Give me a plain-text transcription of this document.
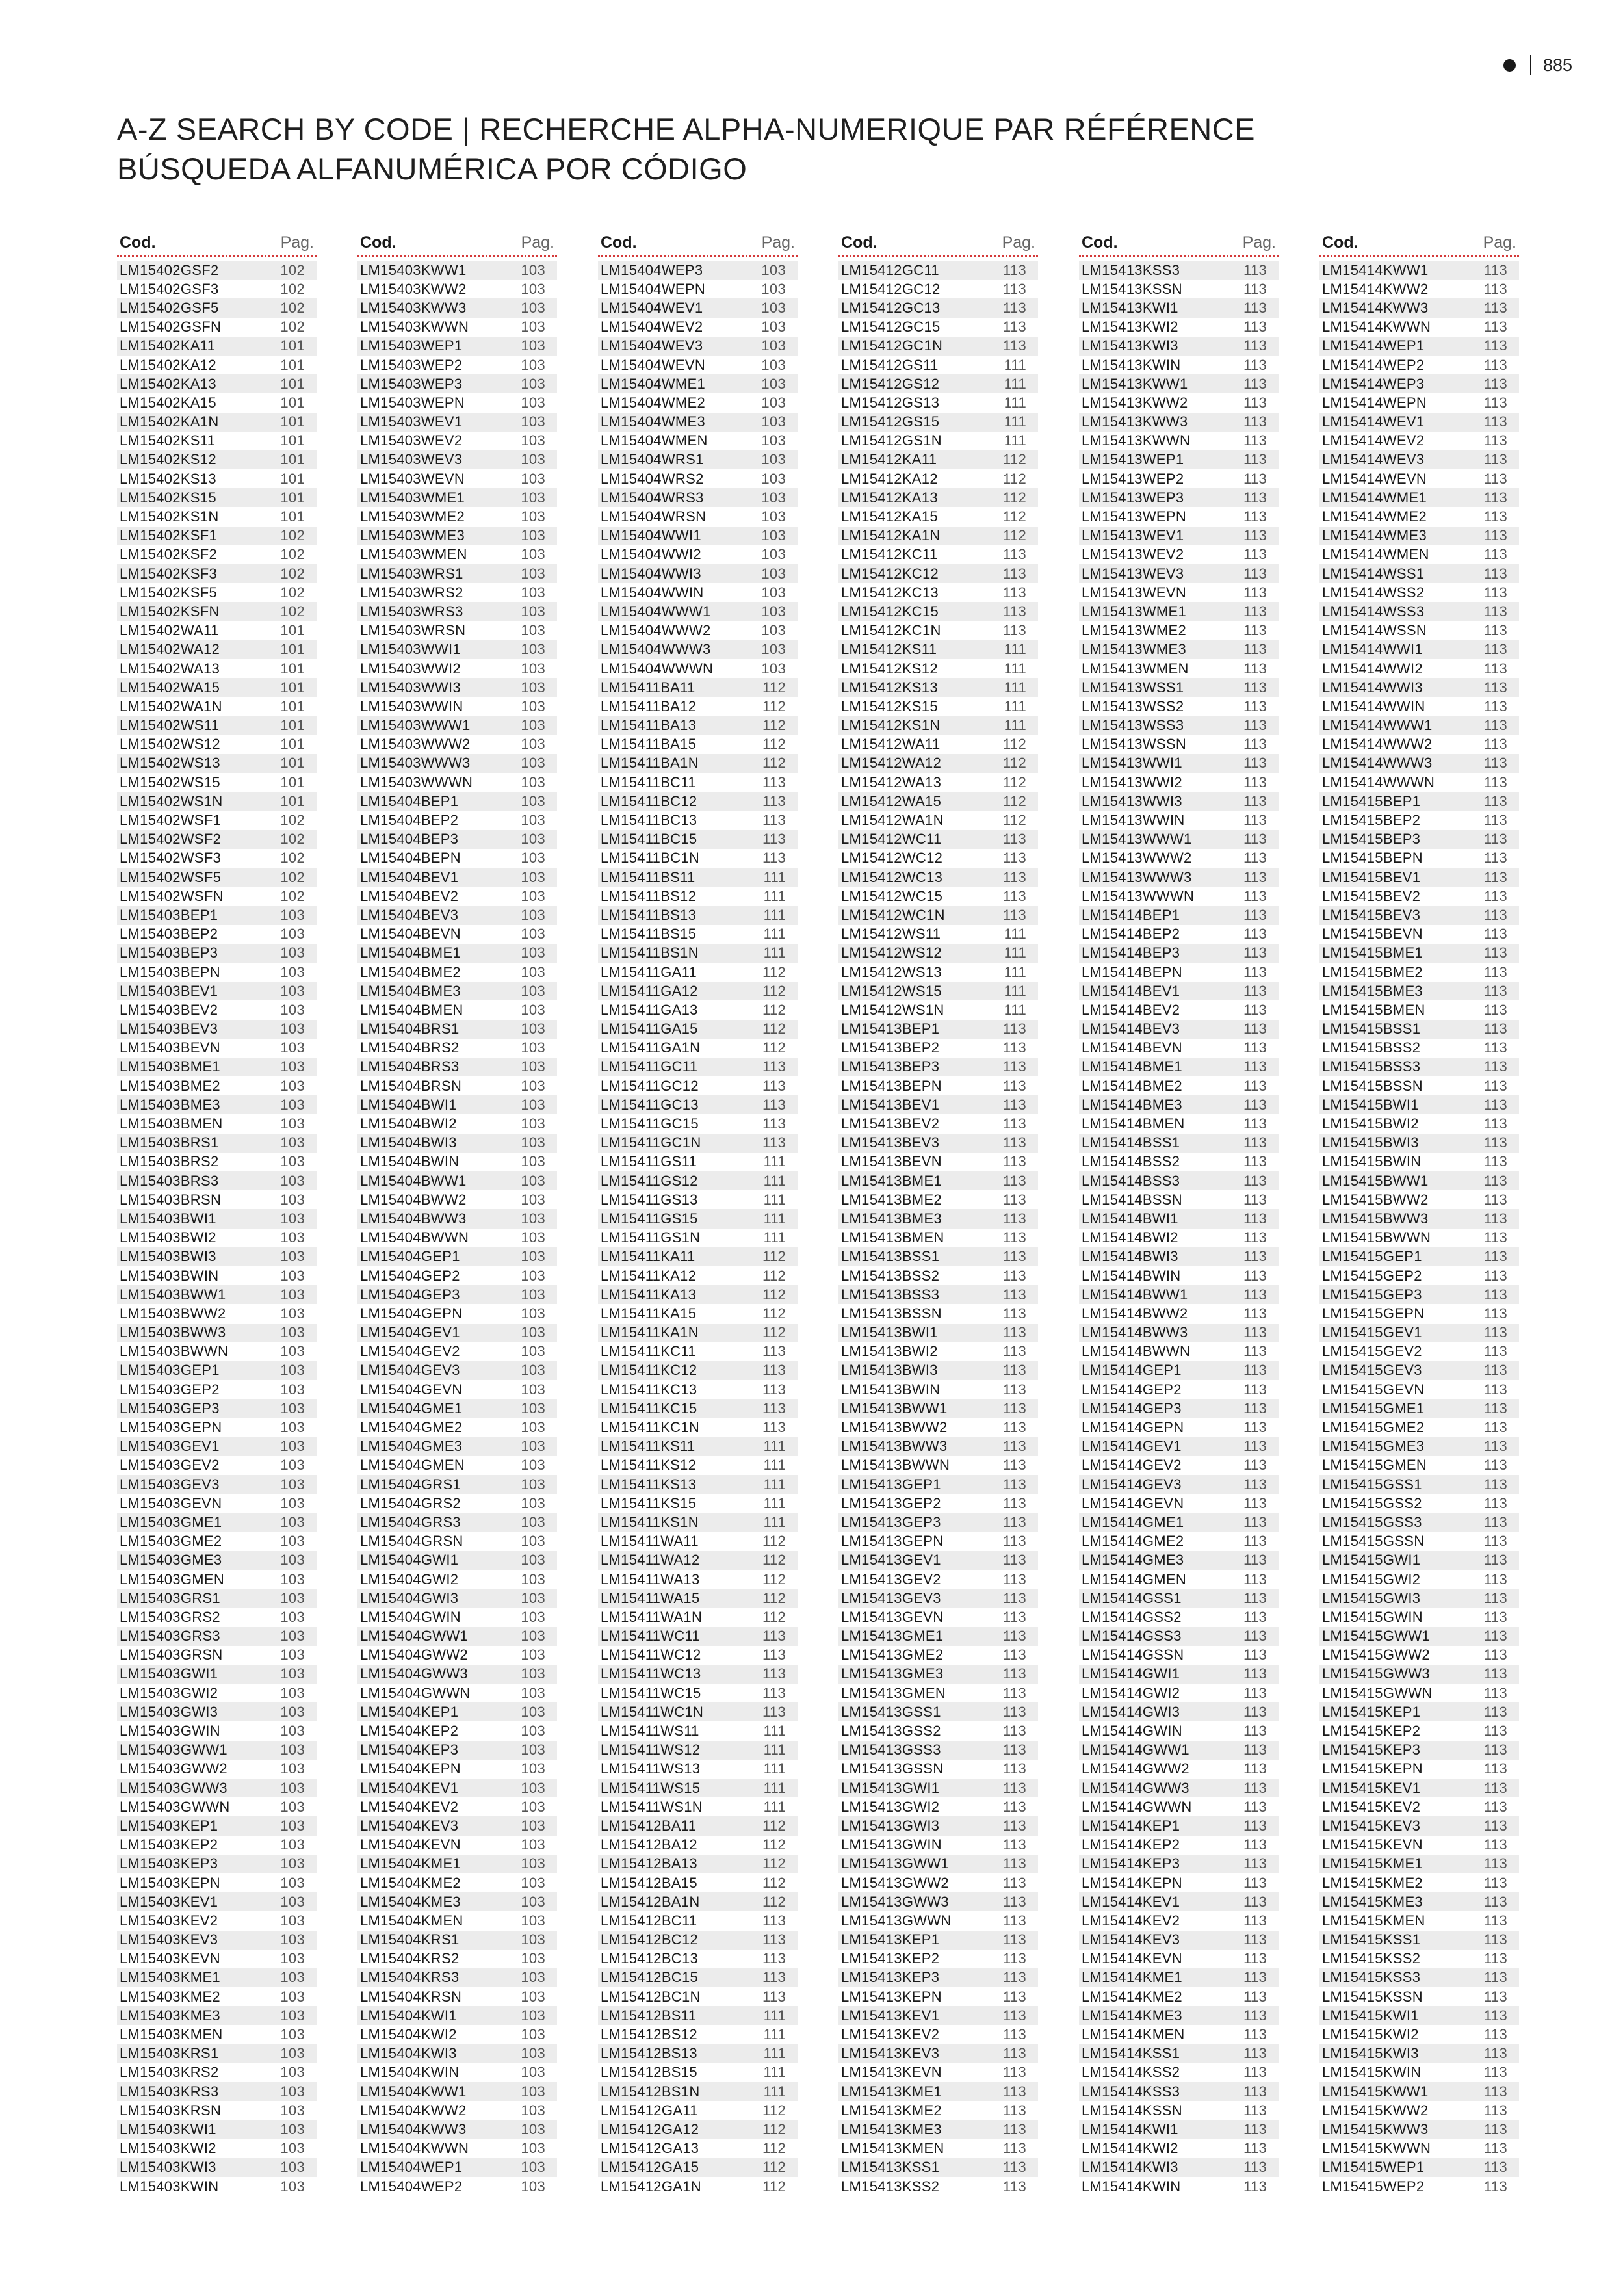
885
A-Z SEARCH BY CODE | RECHERCHE ALPHA-NUMERIQUE PAR RÉFÉRENCE
BÚSQUEDA ALFANUMÉRICA POR CÓDIGO
Cod.	Pag.
LM15402GSF2	102
LM15402GSF3	102
LM15402GSF5	102
LM15402GSFN	102
LM15402KA11	101
LM15402KA12	101
LM15402KA13	101
LM15402KA15	101
LM15402KA1N	101
LM15402KS11	101
LM15402KS12	101
LM15402KS13	101
LM15402KS15	101
LM15402KS1N	101
LM15402KSF1	102
LM15402KSF2	102
LM15402KSF3	102
LM15402KSF5	102
LM15402KSFN	102
LM15402WA11	101
LM15402WA12	101
LM15402WA13	101
LM15402WA15	101
LM15402WA1N	101
LM15402WS11	101
LM15402WS12	101
LM15402WS13	101
LM15402WS15	101
LM15402WS1N	101
LM15402WSF1	102
LM15402WSF2	102
LM15402WSF3	102
LM15402WSF5	102
LM15402WSFN	102
LM15403BEP1	103
LM15403BEP2	103
LM15403BEP3	103
LM15403BEPN	103
LM15403BEV1	103
LM15403BEV2	103
LM15403BEV3	103
LM15403BEVN	103
LM15403BME1	103
LM15403BME2	103
LM15403BME3	103
LM15403BMEN	103
LM15403BRS1	103
LM15403BRS2	103
LM15403BRS3	103
LM15403BRSN	103
LM15403BWI1	103
LM15403BWI2	103
LM15403BWI3	103
LM15403BWIN	103
LM15403BWW1	103
LM15403BWW2	103
LM15403BWW3	103
LM15403BWWN	103
LM15403GEP1	103
LM15403GEP2	103
LM15403GEP3	103
LM15403GEPN	103
LM15403GEV1	103
LM15403GEV2	103
LM15403GEV3	103
LM15403GEVN	103
LM15403GME1	103
LM15403GME2	103
LM15403GME3	103
LM15403GMEN	103
LM15403GRS1	103
LM15403GRS2	103
LM15403GRS3	103
LM15403GRSN	103
LM15403GWI1	103
LM15403GWI2	103
LM15403GWI3	103
LM15403GWIN	103
LM15403GWW1	103
LM15403GWW2	103
LM15403GWW3	103
LM15403GWWN	103
LM15403KEP1	103
LM15403KEP2	103
LM15403KEP3	103
LM15403KEPN	103
LM15403KEV1	103
LM15403KEV2	103
LM15403KEV3	103
LM15403KEVN	103
LM15403KME1	103
LM15403KME2	103
LM15403KME3	103
LM15403KMEN	103
LM15403KRS1	103
LM15403KRS2	103
LM15403KRS3	103
LM15403KRSN	103
LM15403KWI1	103
LM15403KWI2	103
LM15403KWI3	103
LM15403KWIN	103
Cod.	Pag.
LM15403KWW1	103
LM15403KWW2	103
LM15403KWW3	103
LM15403KWWN	103
LM15403WEP1	103
LM15403WEP2	103
LM15403WEP3	103
LM15403WEPN	103
LM15403WEV1	103
LM15403WEV2	103
LM15403WEV3	103
LM15403WEVN	103
LM15403WME1	103
LM15403WME2	103
LM15403WME3	103
LM15403WMEN	103
LM15403WRS1	103
LM15403WRS2	103
LM15403WRS3	103
LM15403WRSN	103
LM15403WWI1	103
LM15403WWI2	103
LM15403WWI3	103
LM15403WWIN	103
LM15403WWW1	103
LM15403WWW2	103
LM15403WWW3	103
LM15403WWWN	103
LM15404BEP1	103
LM15404BEP2	103
LM15404BEP3	103
LM15404BEPN	103
LM15404BEV1	103
LM15404BEV2	103
LM15404BEV3	103
LM15404BEVN	103
LM15404BME1	103
LM15404BME2	103
LM15404BME3	103
LM15404BMEN	103
LM15404BRS1	103
LM15404BRS2	103
LM15404BRS3	103
LM15404BRSN	103
LM15404BWI1	103
LM15404BWI2	103
LM15404BWI3	103
LM15404BWIN	103
LM15404BWW1	103
LM15404BWW2	103
LM15404BWW3	103
LM15404BWWN	103
LM15404GEP1	103
LM15404GEP2	103
LM15404GEP3	103
LM15404GEPN	103
LM15404GEV1	103
LM15404GEV2	103
LM15404GEV3	103
LM15404GEVN	103
LM15404GME1	103
LM15404GME2	103
LM15404GME3	103
LM15404GMEN	103
LM15404GRS1	103
LM15404GRS2	103
LM15404GRS3	103
LM15404GRSN	103
LM15404GWI1	103
LM15404GWI2	103
LM15404GWI3	103
LM15404GWIN	103
LM15404GWW1	103
LM15404GWW2	103
LM15404GWW3	103
LM15404GWWN	103
LM15404KEP1	103
LM15404KEP2	103
LM15404KEP3	103
LM15404KEPN	103
LM15404KEV1	103
LM15404KEV2	103
LM15404KEV3	103
LM15404KEVN	103
LM15404KME1	103
LM15404KME2	103
LM15404KME3	103
LM15404KMEN	103
LM15404KRS1	103
LM15404KRS2	103
LM15404KRS3	103
LM15404KRSN	103
LM15404KWI1	103
LM15404KWI2	103
LM15404KWI3	103
LM15404KWIN	103
LM15404KWW1	103
LM15404KWW2	103
LM15404KWW3	103
LM15404KWWN	103
LM15404WEP1	103
LM15404WEP2	103
Cod.	Pag.
LM15404WEP3	103
LM15404WEPN	103
LM15404WEV1	103
LM15404WEV2	103
LM15404WEV3	103
LM15404WEVN	103
LM15404WME1	103
LM15404WME2	103
LM15404WME3	103
LM15404WMEN	103
LM15404WRS1	103
LM15404WRS2	103
LM15404WRS3	103
LM15404WRSN	103
LM15404WWI1	103
LM15404WWI2	103
LM15404WWI3	103
LM15404WWIN	103
LM15404WWW1	103
LM15404WWW2	103
LM15404WWW3	103
LM15404WWWN	103
LM15411BA11	112
LM15411BA12	112
LM15411BA13	112
LM15411BA15	112
LM15411BA1N	112
LM15411BC11	113
LM15411BC12	113
LM15411BC13	113
LM15411BC15	113
LM15411BC1N	113
LM15411BS11	111
LM15411BS12	111
LM15411BS13	111
LM15411BS15	111
LM15411BS1N	111
LM15411GA11	112
LM15411GA12	112
LM15411GA13	112
LM15411GA15	112
LM15411GA1N	112
LM15411GC11	113
LM15411GC12	113
LM15411GC13	113
LM15411GC15	113
LM15411GC1N	113
LM15411GS11	111
LM15411GS12	111
LM15411GS13	111
LM15411GS15	111
LM15411GS1N	111
LM15411KA11	112
LM15411KA12	112
LM15411KA13	112
LM15411KA15	112
LM15411KA1N	112
LM15411KC11	113
LM15411KC12	113
LM15411KC13	113
LM15411KC15	113
LM15411KC1N	113
LM15411KS11	111
LM15411KS12	111
LM15411KS13	111
LM15411KS15	111
LM15411KS1N	111
LM15411WA11	112
LM15411WA12	112
LM15411WA13	112
LM15411WA15	112
LM15411WA1N	112
LM15411WC11	113
LM15411WC12	113
LM15411WC13	113
LM15411WC15	113
LM15411WC1N	113
LM15411WS11	111
LM15411WS12	111
LM15411WS13	111
LM15411WS15	111
LM15411WS1N	111
LM15412BA11	112
LM15412BA12	112
LM15412BA13	112
LM15412BA15	112
LM15412BA1N	112
LM15412BC11	113
LM15412BC12	113
LM15412BC13	113
LM15412BC15	113
LM15412BC1N	113
LM15412BS11	111
LM15412BS12	111
LM15412BS13	111
LM15412BS15	111
LM15412BS1N	111
LM15412GA11	112
LM15412GA12	112
LM15412GA13	112
LM15412GA15	112
LM15412GA1N	112
Cod.	Pag.
LM15412GC11	113
LM15412GC12	113
LM15412GC13	113
LM15412GC15	113
LM15412GC1N	113
LM15412GS11	111
LM15412GS12	111
LM15412GS13	111
LM15412GS15	111
LM15412GS1N	111
LM15412KA11	112
LM15412KA12	112
LM15412KA13	112
LM15412KA15	112
LM15412KA1N	112
LM15412KC11	113
LM15412KC12	113
LM15412KC13	113
LM15412KC15	113
LM15412KC1N	113
LM15412KS11	111
LM15412KS12	111
LM15412KS13	111
LM15412KS15	111
LM15412KS1N	111
LM15412WA11	112
LM15412WA12	112
LM15412WA13	112
LM15412WA15	112
LM15412WA1N	112
LM15412WC11	113
LM15412WC12	113
LM15412WC13	113
LM15412WC15	113
LM15412WC1N	113
LM15412WS11	111
LM15412WS12	111
LM15412WS13	111
LM15412WS15	111
LM15412WS1N	111
LM15413BEP1	113
LM15413BEP2	113
LM15413BEP3	113
LM15413BEPN	113
LM15413BEV1	113
LM15413BEV2	113
LM15413BEV3	113
LM15413BEVN	113
LM15413BME1	113
LM15413BME2	113
LM15413BME3	113
LM15413BMEN	113
LM15413BSS1	113
LM15413BSS2	113
LM15413BSS3	113
LM15413BSSN	113
LM15413BWI1	113
LM15413BWI2	113
LM15413BWI3	113
LM15413BWIN	113
LM15413BWW1	113
LM15413BWW2	113
LM15413BWW3	113
LM15413BWWN	113
LM15413GEP1	113
LM15413GEP2	113
LM15413GEP3	113
LM15413GEPN	113
LM15413GEV1	113
LM15413GEV2	113
LM15413GEV3	113
LM15413GEVN	113
LM15413GME1	113
LM15413GME2	113
LM15413GME3	113
LM15413GMEN	113
LM15413GSS1	113
LM15413GSS2	113
LM15413GSS3	113
LM15413GSSN	113
LM15413GWI1	113
LM15413GWI2	113
LM15413GWI3	113
LM15413GWIN	113
LM15413GWW1	113
LM15413GWW2	113
LM15413GWW3	113
LM15413GWWN	113
LM15413KEP1	113
LM15413KEP2	113
LM15413KEP3	113
LM15413KEPN	113
LM15413KEV1	113
LM15413KEV2	113
LM15413KEV3	113
LM15413KEVN	113
LM15413KME1	113
LM15413KME2	113
LM15413KME3	113
LM15413KMEN	113
LM15413KSS1	113
LM15413KSS2	113
Cod.	Pag.
LM15413KSS3	113
LM15413KSSN	113
LM15413KWI1	113
LM15413KWI2	113
LM15413KWI3	113
LM15413KWIN	113
LM15413KWW1	113
LM15413KWW2	113
LM15413KWW3	113
LM15413KWWN	113
LM15413WEP1	113
LM15413WEP2	113
LM15413WEP3	113
LM15413WEPN	113
LM15413WEV1	113
LM15413WEV2	113
LM15413WEV3	113
LM15413WEVN	113
LM15413WME1	113
LM15413WME2	113
LM15413WME3	113
LM15413WMEN	113
LM15413WSS1	113
LM15413WSS2	113
LM15413WSS3	113
LM15413WSSN	113
LM15413WWI1	113
LM15413WWI2	113
LM15413WWI3	113
LM15413WWIN	113
LM15413WWW1	113
LM15413WWW2	113
LM15413WWW3	113
LM15413WWWN	113
LM15414BEP1	113
LM15414BEP2	113
LM15414BEP3	113
LM15414BEPN	113
LM15414BEV1	113
LM15414BEV2	113
LM15414BEV3	113
LM15414BEVN	113
LM15414BME1	113
LM15414BME2	113
LM15414BME3	113
LM15414BMEN	113
LM15414BSS1	113
LM15414BSS2	113
LM15414BSS3	113
LM15414BSSN	113
LM15414BWI1	113
LM15414BWI2	113
LM15414BWI3	113
LM15414BWIN	113
LM15414BWW1	113
LM15414BWW2	113
LM15414BWW3	113
LM15414BWWN	113
LM15414GEP1	113
LM15414GEP2	113
LM15414GEP3	113
LM15414GEPN	113
LM15414GEV1	113
LM15414GEV2	113
LM15414GEV3	113
LM15414GEVN	113
LM15414GME1	113
LM15414GME2	113
LM15414GME3	113
LM15414GMEN	113
LM15414GSS1	113
LM15414GSS2	113
LM15414GSS3	113
LM15414GSSN	113
LM15414GWI1	113
LM15414GWI2	113
LM15414GWI3	113
LM15414GWIN	113
LM15414GWW1	113
LM15414GWW2	113
LM15414GWW3	113
LM15414GWWN	113
LM15414KEP1	113
LM15414KEP2	113
LM15414KEP3	113
LM15414KEPN	113
LM15414KEV1	113
LM15414KEV2	113
LM15414KEV3	113
LM15414KEVN	113
LM15414KME1	113
LM15414KME2	113
LM15414KME3	113
LM15414KMEN	113
LM15414KSS1	113
LM15414KSS2	113
LM15414KSS3	113
LM15414KSSN	113
LM15414KWI1	113
LM15414KWI2	113
LM15414KWI3	113
LM15414KWIN	113
Cod.	Pag.
LM15414KWW1	113
LM15414KWW2	113
LM15414KWW3	113
LM15414KWWN	113
LM15414WEP1	113
LM15414WEP2	113
LM15414WEP3	113
LM15414WEPN	113
LM15414WEV1	113
LM15414WEV2	113
LM15414WEV3	113
LM15414WEVN	113
LM15414WME1	113
LM15414WME2	113
LM15414WME3	113
LM15414WMEN	113
LM15414WSS1	113
LM15414WSS2	113
LM15414WSS3	113
LM15414WSSN	113
LM15414WWI1	113
LM15414WWI2	113
LM15414WWI3	113
LM15414WWIN	113
LM15414WWW1	113
LM15414WWW2	113
LM15414WWW3	113
LM15414WWWN	113
LM15415BEP1	113
LM15415BEP2	113
LM15415BEP3	113
LM15415BEPN	113
LM15415BEV1	113
LM15415BEV2	113
LM15415BEV3	113
LM15415BEVN	113
LM15415BME1	113
LM15415BME2	113
LM15415BME3	113
LM15415BMEN	113
LM15415BSS1	113
LM15415BSS2	113
LM15415BSS3	113
LM15415BSSN	113
LM15415BWI1	113
LM15415BWI2	113
LM15415BWI3	113
LM15415BWIN	113
LM15415BWW1	113
LM15415BWW2	113
LM15415BWW3	113
LM15415BWWN	113
LM15415GEP1	113
LM15415GEP2	113
LM15415GEP3	113
LM15415GEPN	113
LM15415GEV1	113
LM15415GEV2	113
LM15415GEV3	113
LM15415GEVN	113
LM15415GME1	113
LM15415GME2	113
LM15415GME3	113
LM15415GMEN	113
LM15415GSS1	113
LM15415GSS2	113
LM15415GSS3	113
LM15415GSSN	113
LM15415GWI1	113
LM15415GWI2	113
LM15415GWI3	113
LM15415GWIN	113
LM15415GWW1	113
LM15415GWW2	113
LM15415GWW3	113
LM15415GWWN	113
LM15415KEP1	113
LM15415KEP2	113
LM15415KEP3	113
LM15415KEPN	113
LM15415KEV1	113
LM15415KEV2	113
LM15415KEV3	113
LM15415KEVN	113
LM15415KME1	113
LM15415KME2	113
LM15415KME3	113
LM15415KMEN	113
LM15415KSS1	113
LM15415KSS2	113
LM15415KSS3	113
LM15415KSSN	113
LM15415KWI1	113
LM15415KWI2	113
LM15415KWI3	113
LM15415KWIN	113
LM15415KWW1	113
LM15415KWW2	113
LM15415KWW3	113
LM15415KWWN	113
LM15415WEP1	113
LM15415WEP2	113
